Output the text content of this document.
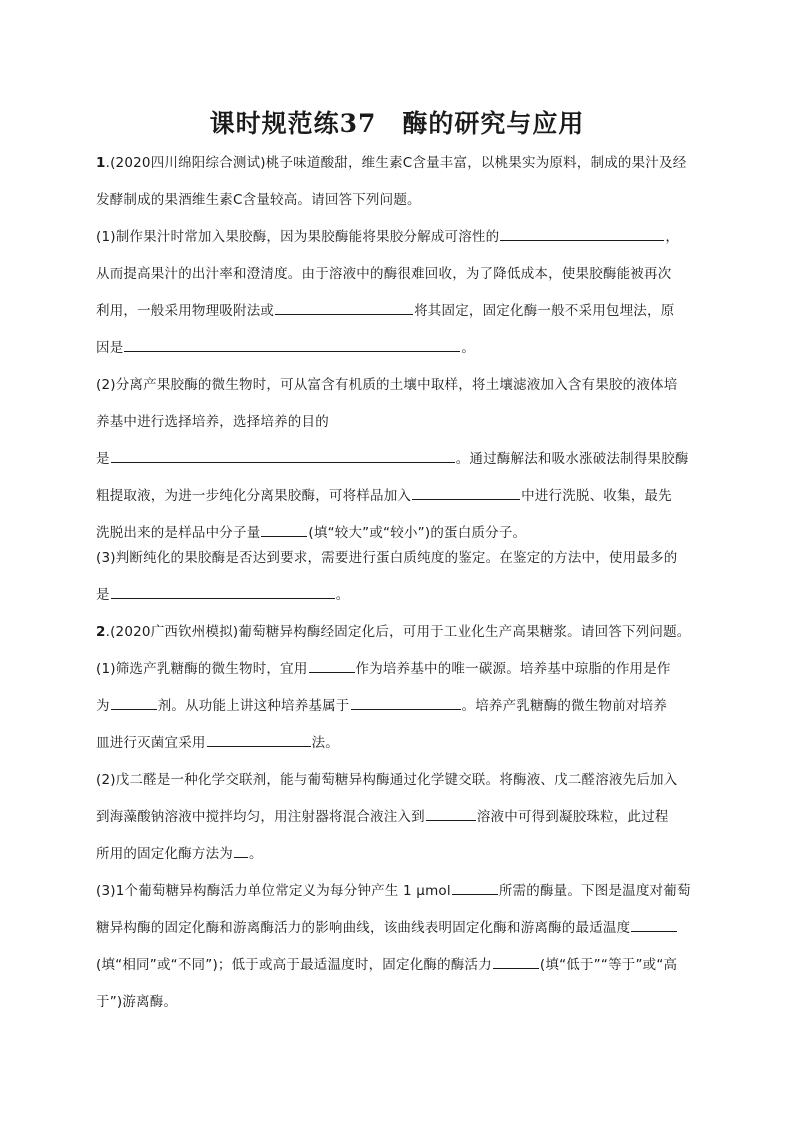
课时规范练37　酶的研究与应用
1.(2020四川绵阳综合测试)桃子味道酸甜，维生素C含量丰富，以桃果实为原料，制成的果汁及经
发酵制成的果酒维生素C含量较高。请回答下列问题。
(1)制作果汁时常加入果胶酶，因为果胶酶能将果胶分解成可溶性的	，
从而提高果汁的出汁率和澄清度。由于溶液中的酶很难回收，为了降低成本，使果胶酶能被再次
利用，一般采用物理吸附法或	将其固定，固定化酶一般不采用包埋法，原
因是	。
(2)分离产果胶酶的微生物时，可从富含有机质的土壤中取样，将土壤滤液加入含有果胶的液体培
养基中进行选择培养，选择培养的目的
是	。通过酶解法和吸水涨破法制得果胶酶
粗提取液，为进一步纯化分离果胶酶，可将样品加入	中进行洗脱、收集，最先
洗脱出来的是样品中分子量	(填“较大”或“较小”)的蛋白质分子。
(3)判断纯化的果胶酶是否达到要求，需要进行蛋白质纯度的鉴定。在鉴定的方法中，使用最多的
是	。
2.(2020广西钦州模拟)葡萄糖异构酶经固定化后，可用于工业化生产高果糖浆。请回答下列问题。
(1)筛选产乳糖酶的微生物时，宜用	作为培养基中的唯一碳源。培养基中琼脂的作用是作
为	剂。从功能上讲这种培养基属于	。培养产乳糖酶的微生物前对培养
皿进行灭菌宜采用	法。
(2)戊二醛是一种化学交联剂，能与葡萄糖异构酶通过化学键交联。将酶液、戊二醛溶液先后加入
到海藻酸钠溶液中搅拌均匀，用注射器将混合液注入到	溶液中可得到凝胶珠粒，此过程
所用的固定化酶方法为 。
(3)1个葡萄糖异构酶活力单位常定义为每分钟产生 1 μmol	所需的酶量。下图是温度对葡萄
糖异构酶的固定化酶和游离酶活力的影响曲线，该曲线表明固定化酶和游离酶的最适温度
(填“相同”或“不同”)；低于或高于最适温度时，固定化酶的酶活力	(填“低于”“等于”或“高
于”)游离酶。
